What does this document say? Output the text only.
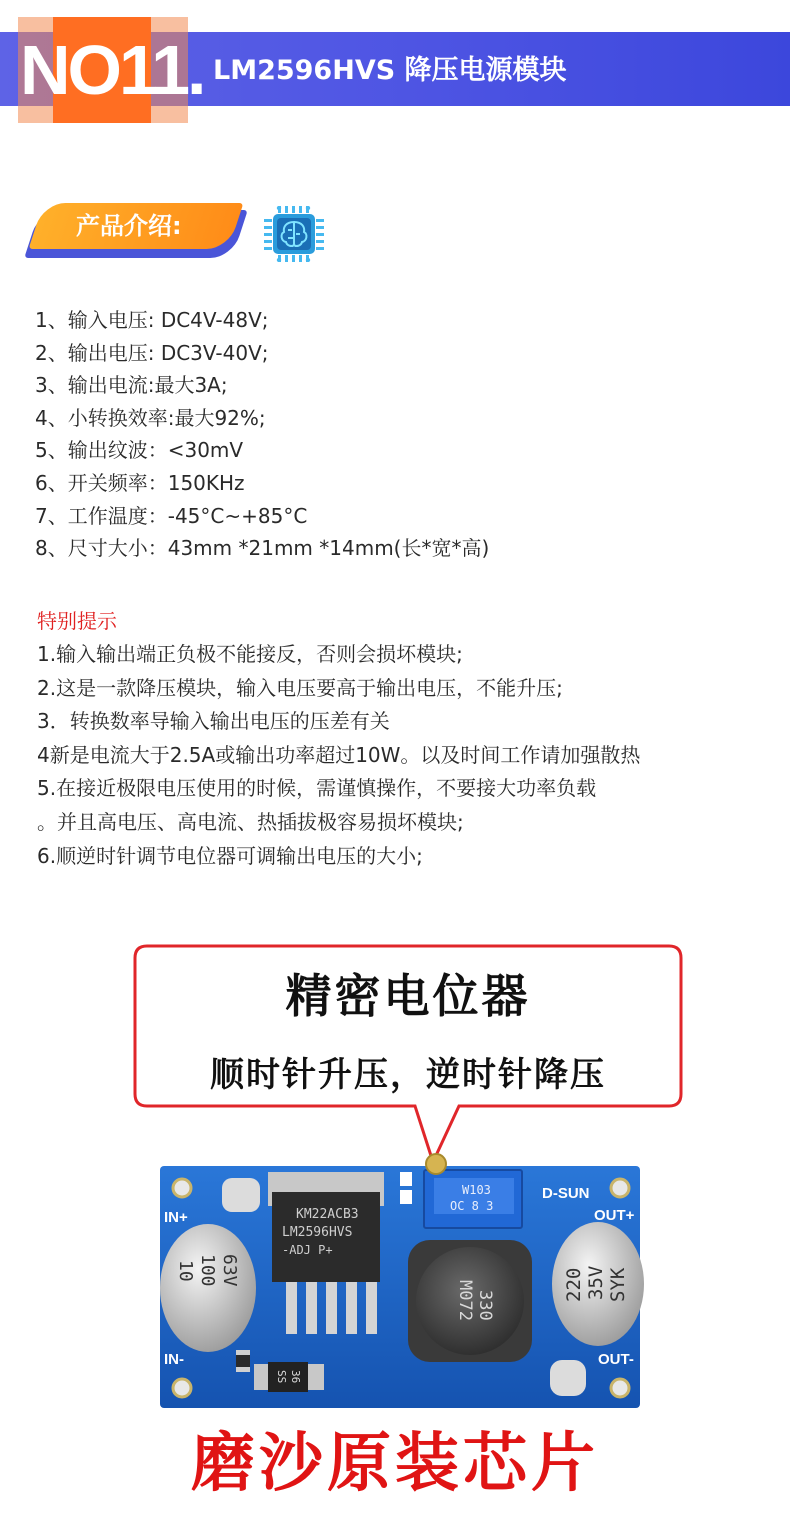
NO11. LM2596HVS 降压电源模块
产品介绍:
1、输入电压: DC4V-48V;
2、输出电压: DC3V-40V;
3、输出电流:最大3A;
4、小转换效率:最大92%;
5、输出纹波：<30mV
6、开关频率：150KHz
7、工作温度：-45°C~+85°C
8、尺寸大小：43mm *21mm *14mm(长*宽*高)
特别提示
1.输入输出端正负极不能接反，否则会损坏模块;
2.这是一款降压模块，输入电压要高于输出电压，不能升压;
3．转换数率导输入输出电压的压差有关
4新是电流大于2.5A或输出功率超过10W。以及时间工作请加强散热
5.在接近极限电压使用的时候，需谨慎操作，不要接大功率负载
。并且高电压、高电流、热插拔极容易损坏模块;
6.顺逆时针调节电位器可调输出电压的大小;
精密电位器
顺时针升压，逆时针降压
IN+
IN-
OUT+
OUT-
D-SUN
KM22ACB3
LM2596HVS
-ADJ P+
W103
OC 8 3
330
M072
10 100 63V	220 35V SYK
SS 36
磨沙原装芯片
